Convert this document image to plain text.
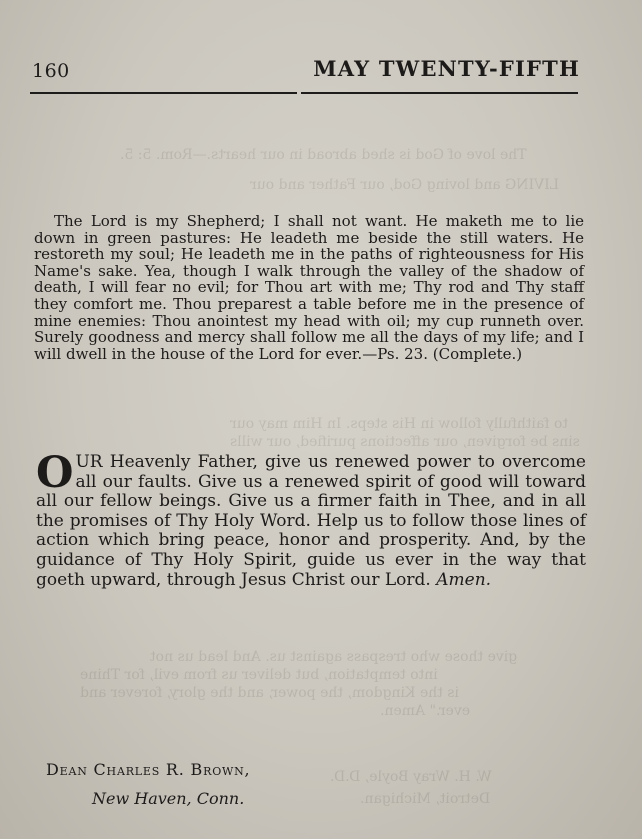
The love of God is shed abroad in our hearts.—Rom. 5: 5.
LIVING and loving God, our Father and our
to faithfully follow in His steps. In Him may our
sins be forgiven, our affections purified, our wills
give those who trespass against us. And lead us not
into temptation, but deliver us from evil, for Thine
is the Kingdom, the power, and the glory, forever and
ever." Amen.
W. H. Wray Boyle, D.D.
Detroit, Michigan.
160	MAY TWENTY-FIFTH

The Lord is my Shepherd; I shall not want. He maketh me to lie down in green pastures: He leadeth me beside the still waters. He restoreth my soul; He leadeth me in the paths of righteousness for His Name's sake. Yea, though I walk through the valley of the shadow of death, I will fear no evil; for Thou art with me; Thy rod and Thy staff they comfort me. Thou preparest a table before me in the presence of mine enemies: Thou anointest my head with oil; my cup runneth over. Surely goodness and mercy shall follow me all the days of my life; and I will dwell in the house of the Lord for ever.—Ps. 23. (Complete.)

OUR Heavenly Father, give us renewed power to overcome all our faults. Give us a renewed spirit of good will toward all our fellow beings. Give us a firmer faith in Thee, and in all the promises of Thy Holy Word. Help us to follow those lines of action which bring peace, honor and prosperity. And, by the guidance of Thy Holy Spirit, guide us ever in the way that goeth upward, through Jesus Christ our Lord. Amen.

Dean Charles R. Brown,
New Haven, Conn.
